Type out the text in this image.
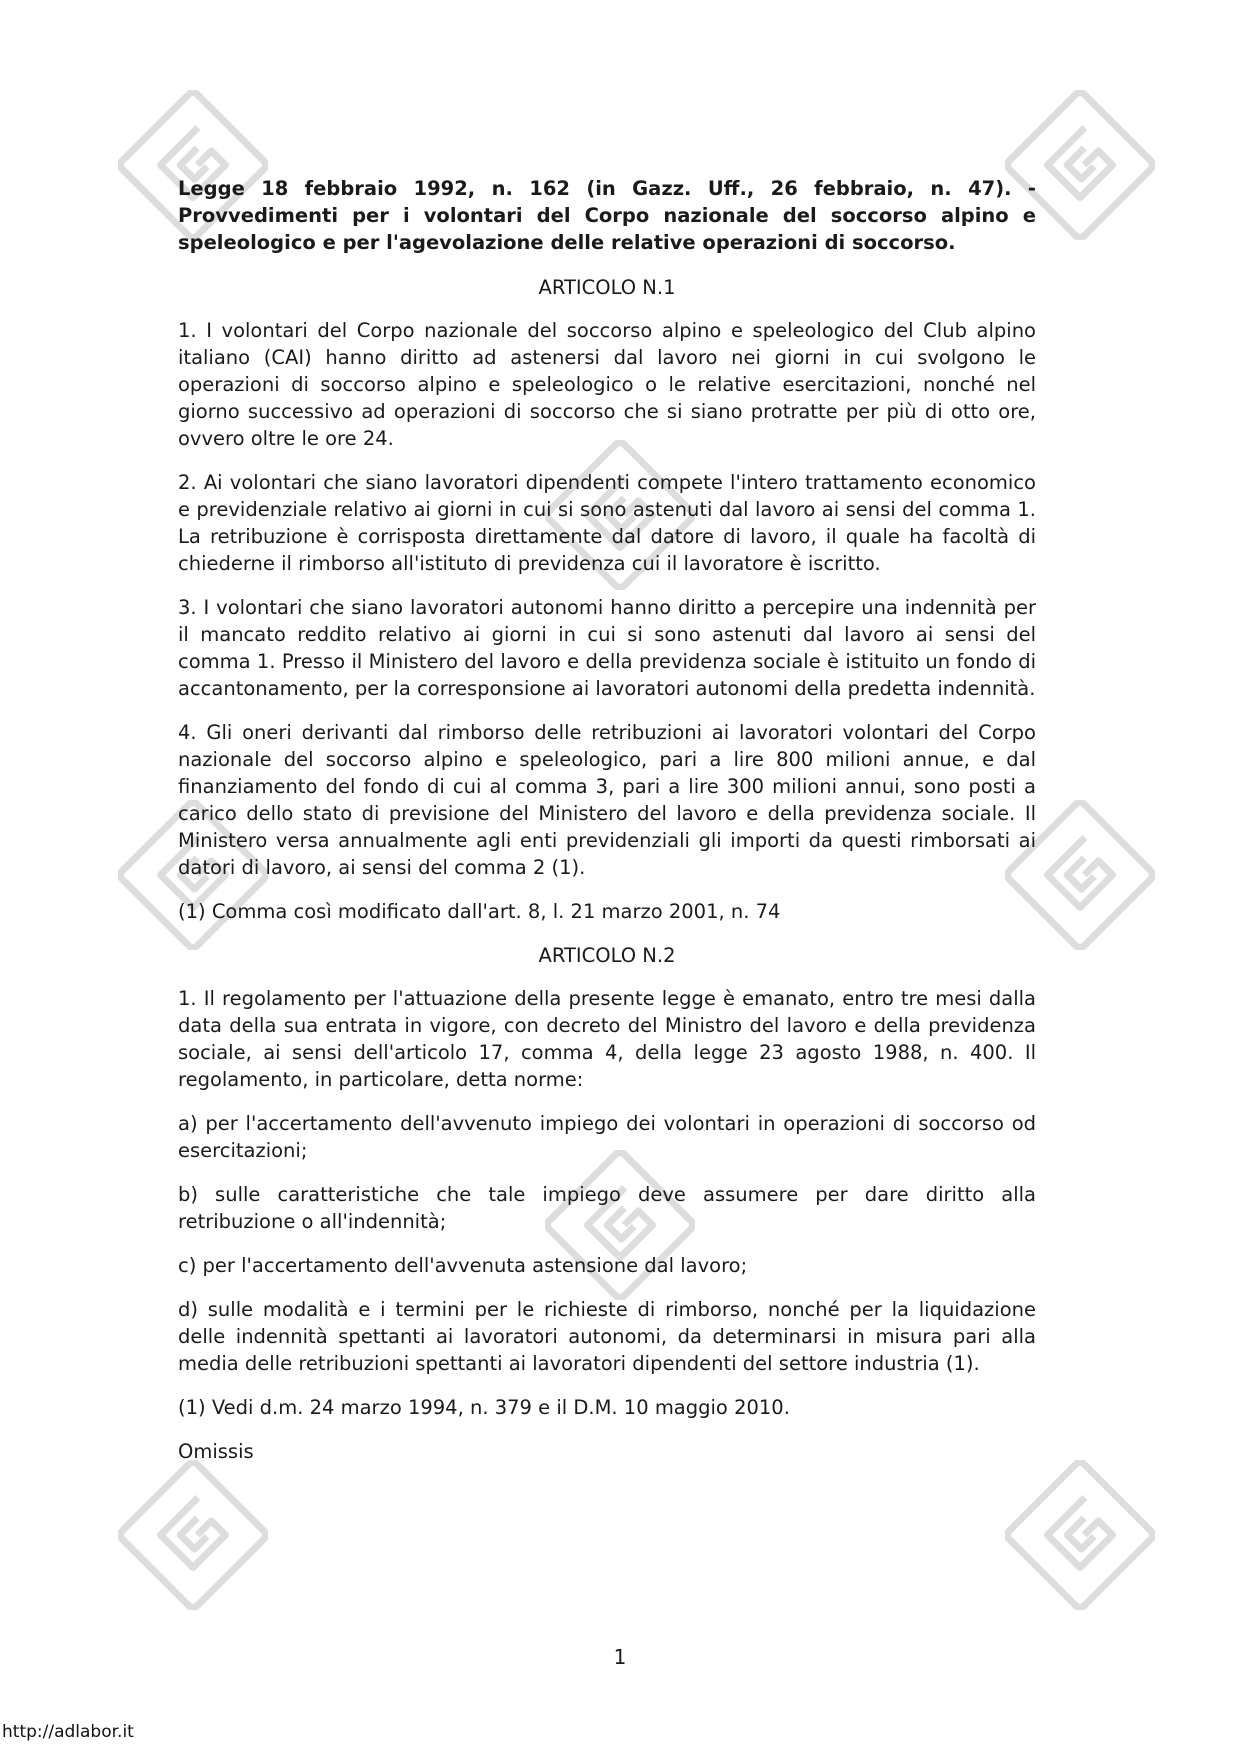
Legge 18 febbraio 1992, n. 162 (in Gazz. Uff., 26 febbraio, n. 47). - Provvedimenti per i volontari del Corpo nazionale del soccorso alpino e speleologico e per l'agevolazione delle relative operazioni di soccorso.

ARTICOLO N.1

1. I volontari del Corpo nazionale del soccorso alpino e speleologico del Club alpino italiano (CAI) hanno diritto ad astenersi dal lavoro nei giorni in cui svolgono le operazioni di soccorso alpino e speleologico o le relative esercitazioni, nonché nel giorno successivo ad operazioni di soccorso che si siano protratte per più di otto ore, ovvero oltre le ore 24.

2. Ai volontari che siano lavoratori dipendenti compete l'intero trattamento economico e previdenziale relativo ai giorni in cui si sono astenuti dal lavoro ai sensi del comma 1. La retribuzione è corrisposta direttamente dal datore di lavoro, il quale ha facoltà di chiederne il rimborso all'istituto di previdenza cui il lavoratore è iscritto.

3. I volontari che siano lavoratori autonomi hanno diritto a percepire una indennità per il mancato reddito relativo ai giorni in cui si sono astenuti dal lavoro ai sensi del comma 1. Presso il Ministero del lavoro e della previdenza sociale è istituito un fondo di accantonamento, per la corresponsione ai lavoratori autonomi della predetta indennità.

4. Gli oneri derivanti dal rimborso delle retribuzioni ai lavoratori volontari del Corpo nazionale del soccorso alpino e speleologico, pari a lire 800 milioni annue, e dal finanziamento del fondo di cui al comma 3, pari a lire 300 milioni annui, sono posti a carico dello stato di previsione del Ministero del lavoro e della previdenza sociale. Il Ministero versa annualmente agli enti previdenziali gli importi da questi rimborsati ai datori di lavoro, ai sensi del comma 2 (1).

(1) Comma così modificato dall'art. 8, l. 21 marzo 2001, n. 74

ARTICOLO N.2

1. Il regolamento per l'attuazione della presente legge è emanato, entro tre mesi dalla data della sua entrata in vigore, con decreto del Ministro del lavoro e della previdenza sociale, ai sensi dell'articolo 17, comma 4, della legge 23 agosto 1988, n. 400. Il regolamento, in particolare, detta norme:

a) per l'accertamento dell'avvenuto impiego dei volontari in operazioni di soccorso od esercitazioni;

b) sulle caratteristiche che tale impiego deve assumere per dare diritto alla retribuzione o all'indennità;

c) per l'accertamento dell'avvenuta astensione dal lavoro;

d) sulle modalità e i termini per le richieste di rimborso, nonché per la liquidazione delle indennità spettanti ai lavoratori autonomi, da determinarsi in misura pari alla media delle retribuzioni spettanti ai lavoratori dipendenti del settore industria (1).

(1) Vedi d.m. 24 marzo 1994, n. 379 e il D.M. 10 maggio 2010.

Omissis

1
http://adlabor.it
